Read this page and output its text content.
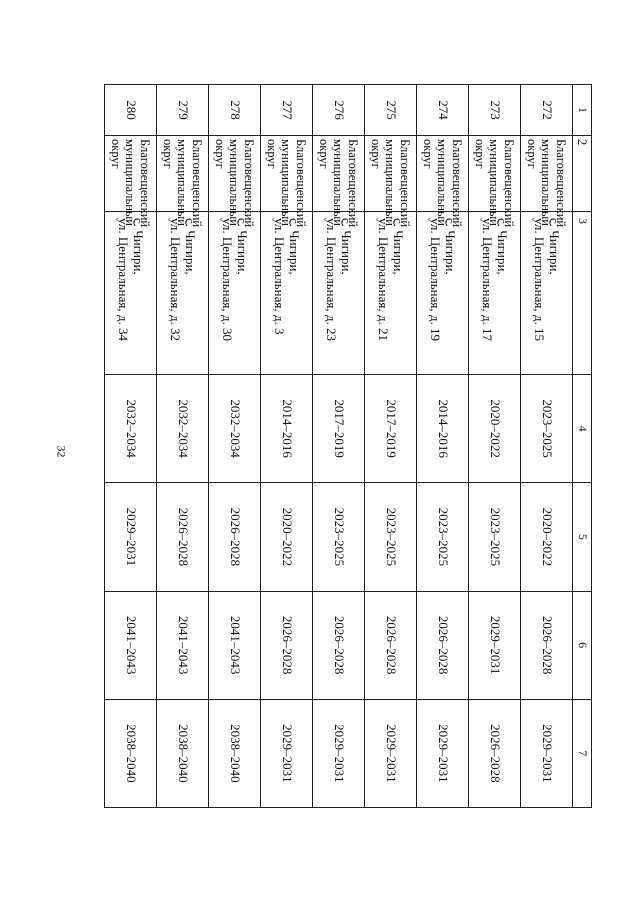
32
1	2	3	4	5	6	7

272	Благовещенский муниципальный округ	с. Чигири,
ул. Центральная, д. 15	2023–2025	2020–2022	2026–2028	2029–2031

273	Благовещенский муниципальный округ	с. Чигири,
ул. Центральная, д. 17	2020–2022	2023–2025	2029–2031	2026–2028

274	Благовещенский муниципальный округ	с. Чигири,
ул. Центральная, д. 19	2014–2016	2023–2025	2026–2028	2029–2031

275	Благовещенский муниципальный округ	с. Чигири,
ул. Центральная, д. 21	2017–2019	2023–2025	2026–2028	2029–2031

276	Благовещенский муниципальный округ	с. Чигири,
ул. Центральная, д. 23	2017–2019	2023–2025	2026–2028	2029–2031

277	Благовещенский муниципальный округ	с. Чигири,
ул. Центральная, д. 3	2014–2016	2020–2022	2026–2028	2029–2031

278	Благовещенский муниципальный округ	с. Чигири,
ул. Центральная, д. 30	2032–2034	2026–2028	2041–2043	2038–2040

279	Благовещенский муниципальный округ	с. Чигири,
ул. Центральная, д. 32	2032–2034	2026–2028	2041–2043	2038–2040

280	Благовещенский муниципальный округ	с. Чигири,
ул. Центральная, д. 34	2032–2034	2029–2031	2041–2043	2038–2040
